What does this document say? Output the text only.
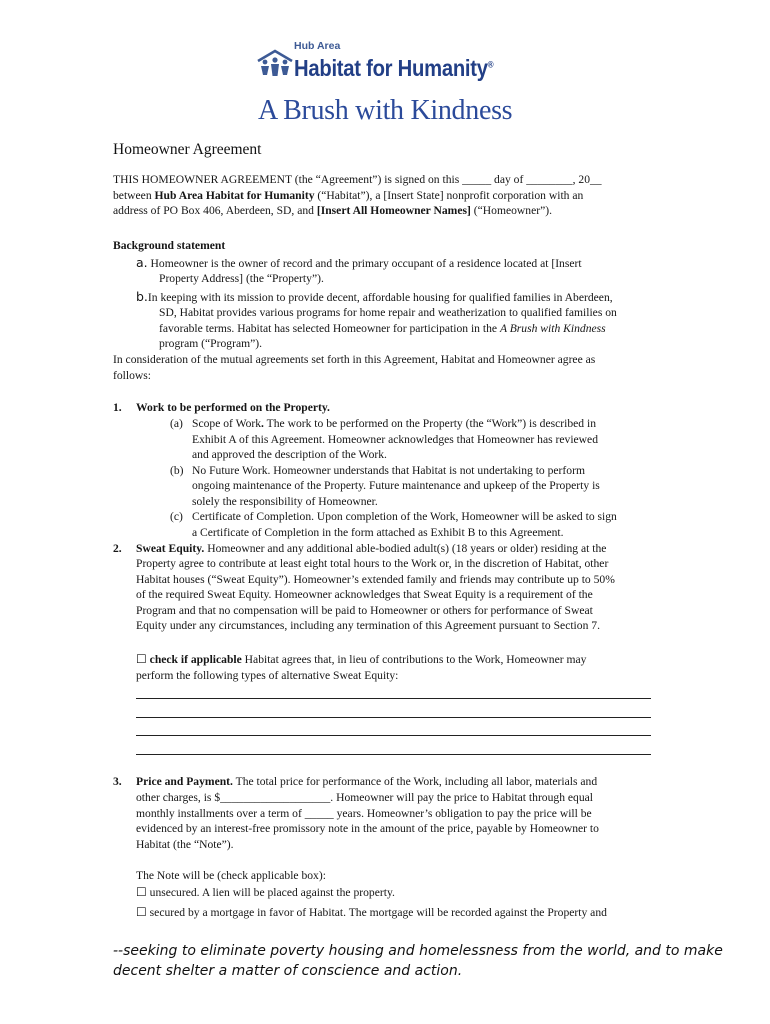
Hub Area
Habitat for Humanity®
A Brush with Kindness
Homeowner Agreement
THIS HOMEOWNER AGREEMENT (the “Agreement”) is signed on this _____ day of ________, 20__
between Hub Area Habitat for Humanity (“Habitat”), a [Insert State] nonprofit corporation with an
address of PO Box 406, Aberdeen, SD, and [Insert All Homeowner Names] (“Homeowner”).
Background statement
a. Homeowner is the owner of record and the primary occupant of a residence located at [Insert
Property Address] (the “Property”).
b.In keeping with its mission to provide decent, affordable housing for qualified families in Aberdeen,
SD, Habitat provides various programs for home repair and weatherization to qualified families on
favorable terms. Habitat has selected Homeowner for participation in the A Brush with Kindness
program (“Program”).
In consideration of the mutual agreements set forth in this Agreement, Habitat and Homeowner agree as
follows:
1. Work to be performed on the Property.
(a) Scope of Work. The work to be performed on the Property (the “Work”) is described in
Exhibit A of this Agreement. Homeowner acknowledges that Homeowner has reviewed
and approved the description of the Work.
(b) No Future Work. Homeowner understands that Habitat is not undertaking to perform
ongoing maintenance of the Property. Future maintenance and upkeep of the Property is
solely the responsibility of Homeowner.
(c) Certificate of Completion. Upon completion of the Work, Homeowner will be asked to sign
a Certificate of Completion in the form attached as Exhibit B to this Agreement.
2. Sweat Equity. Homeowner and any additional able-bodied adult(s) (18 years or older) residing at the
Property agree to contribute at least eight total hours to the Work or, in the discretion of Habitat, other
Habitat houses (“Sweat Equity”). Homeowner’s extended family and friends may contribute up to 50%
of the required Sweat Equity. Homeowner acknowledges that Sweat Equity is a requirement of the
Program and that no compensation will be paid to Homeowner or others for performance of Sweat
Equity under any circumstances, including any termination of this Agreement pursuant to Section 7.
☐ check if applicable Habitat agrees that, in lieu of contributions to the Work, Homeowner may
perform the following types of alternative Sweat Equity:
3. Price and Payment. The total price for performance of the Work, including all labor, materials and
other charges, is $___________________. Homeowner will pay the price to Habitat through equal
monthly installments over a term of _____ years. Homeowner’s obligation to pay the price will be
evidenced by an interest-free promissory note in the amount of the price, payable by Homeowner to
Habitat (the “Note”).
The Note will be (check applicable box):
☐ unsecured. A lien will be placed against the property.
☐ secured by a mortgage in favor of Habitat. The mortgage will be recorded against the Property and
--seeking to eliminate poverty housing and homelessness from the world, and to make
decent shelter a matter of conscience and action.
